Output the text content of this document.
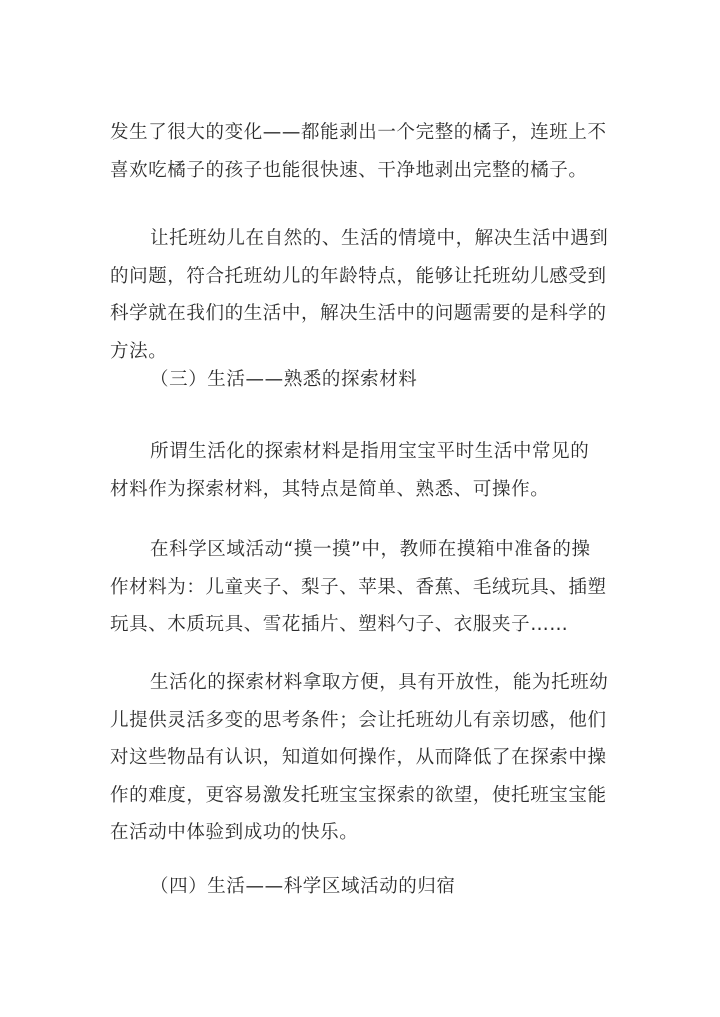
发生了很大的变化——都能剥出一个完整的橘子，连班上不
喜欢吃橘子的孩子也能很快速、干净地剥出完整的橘子。
让托班幼儿在自然的、生活的情境中，解决生活中遇到
的问题，符合托班幼儿的年龄特点，能够让托班幼儿感受到
科学就在我们的生活中，解决生活中的问题需要的是科学的
方法。
（三）生活——熟悉的探索材料
所谓生活化的探索材料是指用宝宝平时生活中常见的
材料作为探索材料，其特点是简单、熟悉、可操作。
在科学区域活动“摸一摸”中，教师在摸箱中准备的操
作材料为：儿童夹子、梨子、苹果、香蕉、毛绒玩具、插塑
玩具、木质玩具、雪花插片、塑料勺子、衣服夹子……
生活化的探索材料拿取方便，具有开放性，能为托班幼
儿提供灵活多变的思考条件；会让托班幼儿有亲切感，他们
对这些物品有认识，知道如何操作，从而降低了在探索中操
作的难度，更容易激发托班宝宝探索的欲望，使托班宝宝能
在活动中体验到成功的快乐。
（四）生活——科学区域活动的归宿
